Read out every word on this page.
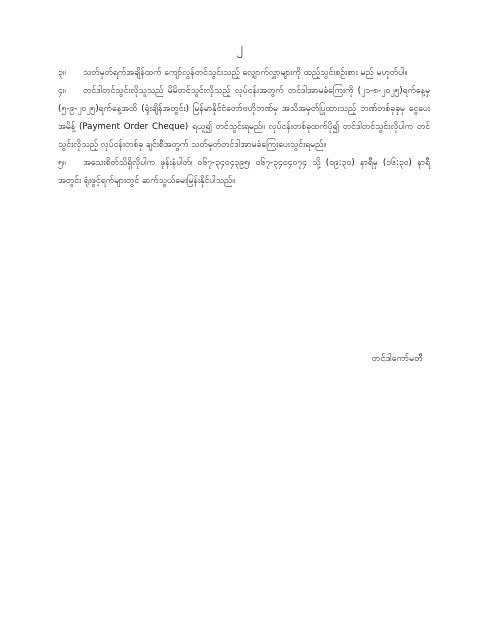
၂

၃။ သတ်မှတ်ရက်အချိန်ထက် ကျော်လွန်တင်သွင်းသည့် လျှောက်လွှာများကို ထည့်သွင်းစဉ်းစား မည် မဟုတ်ပါ။

၄။ တင်ဒါတင်သွင်းလိုသူသည် မိမိတင်သွင်းလိုသည့် လုပ်ငန်းအတွက် တင်ဒါအာမခံကြေးကို (၂၁-၈-၂၀၂၅)ရက်နေ့မှ (၅-၉-၂၀၂၅)ရက်နေ့အထိ (ရုံးချိန်အတွင်း) မြန်မာနိုင်ငံတော်ဗဟိုဘဏ်မှ အသိအမှတ်ပြုထားသည့် ဘဏ်တစ်ခုခုမှ ငွေပေးအမိန့် (Payment Order Cheque) ရယူ၍ တင်သွင်းရမည်။ လုပ်ငန်းတစ်ခုထက်ပို၍ တင်ဒါတင်သွင်းလိုပါက တင်သွင်းလိုသည့် လုပ်ငန်းတစ်ခု ချင်းစီအတွက် သတ်မှတ်တင်ဒါအာမခံကြေးပေးသွင်းရမည်။

၅။ အသေးစိတ်သိရှိလိုပါက ဖုန်းနံပါတ်၊ ၀၆၇-၃၄၀၄၃၉၅၊ ၀၆၇-၃၄၀၄၀၇၄ သို့ (၀၉:၃၀) နာရီမှ (၁၆:၃၀) နာရီအတွင်း ရုံးဖွင့်ရက်များတွင် ဆက်သွယ်မေးမြန်းနိုင်ပါသည်။

တင်ဒါကော်မတီ
